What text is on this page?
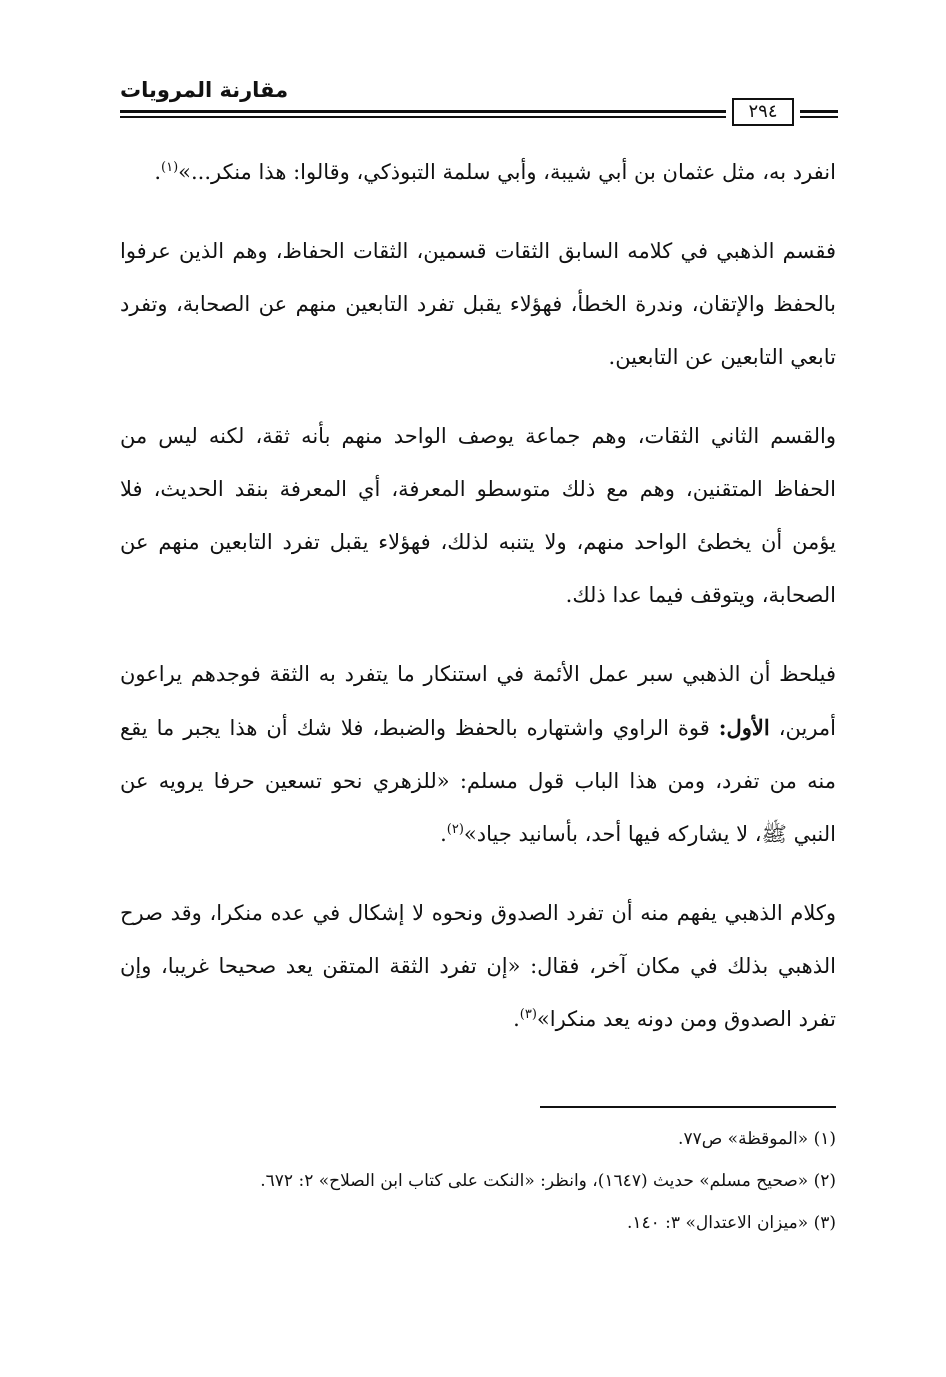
مقارنة المرويات
٢٩٤

انفرد به، مثل عثمان بن أبي شيبة، وأبي سلمة التبوذكي، وقالوا: هذا منكر...»$^{(١)}$.

فقسم الذهبي في كلامه السابق الثقات قسمين، الثقات الحفاظ، وهم الذين عرفوا بالحفظ والإتقان، وندرة الخطأ، فهؤلاء يقبل تفرد التابعين منهم عن الصحابة، وتفرد تابعي التابعين عن التابعين.

والقسم الثاني الثقات، وهم جماعة يوصف الواحد منهم بأنه ثقة، لكنه ليس من الحفاظ المتقنين، وهم مع ذلك متوسطو المعرفة، أي المعرفة بنقد الحديث، فلا يؤمن أن يخطئ الواحد منهم، ولا يتنبه لذلك، فهؤلاء يقبل تفرد التابعين منهم عن الصحابة، ويتوقف فيما عدا ذلك.

فيلحظ أن الذهبي سبر عمل الأئمة في استنكار ما يتفرد به الثقة فوجدهم يراعون أمرين، الأول: قوة الراوي واشتهاره بالحفظ والضبط، فلا شك أن هذا يجبر ما يقع منه من تفرد، ومن هذا الباب قول مسلم: «للزهري نحو تسعين حرفا يرويه عن النبي ﷺ، لا يشاركه فيها أحد، بأسانيد جياد»$^{(٢)}$.

وكلام الذهبي يفهم منه أن تفرد الصدوق ونحوه لا إشكال في عده منكرا، وقد صرح الذهبي بذلك في مكان آخر، فقال: «إن تفرد الثقة المتقن يعد صحيحا غريبا، وإن تفرد الصدوق ومن دونه يعد منكرا»$^{(٣)}$.

(١) «الموقظة» ص٧٧.
(٢) «صحيح مسلم» حديث (١٦٤٧)، وانظر: «النكت على كتاب ابن الصلاح» ٢: ٦٧٢.
(٣) «ميزان الاعتدال» ٣: ١٤٠.
